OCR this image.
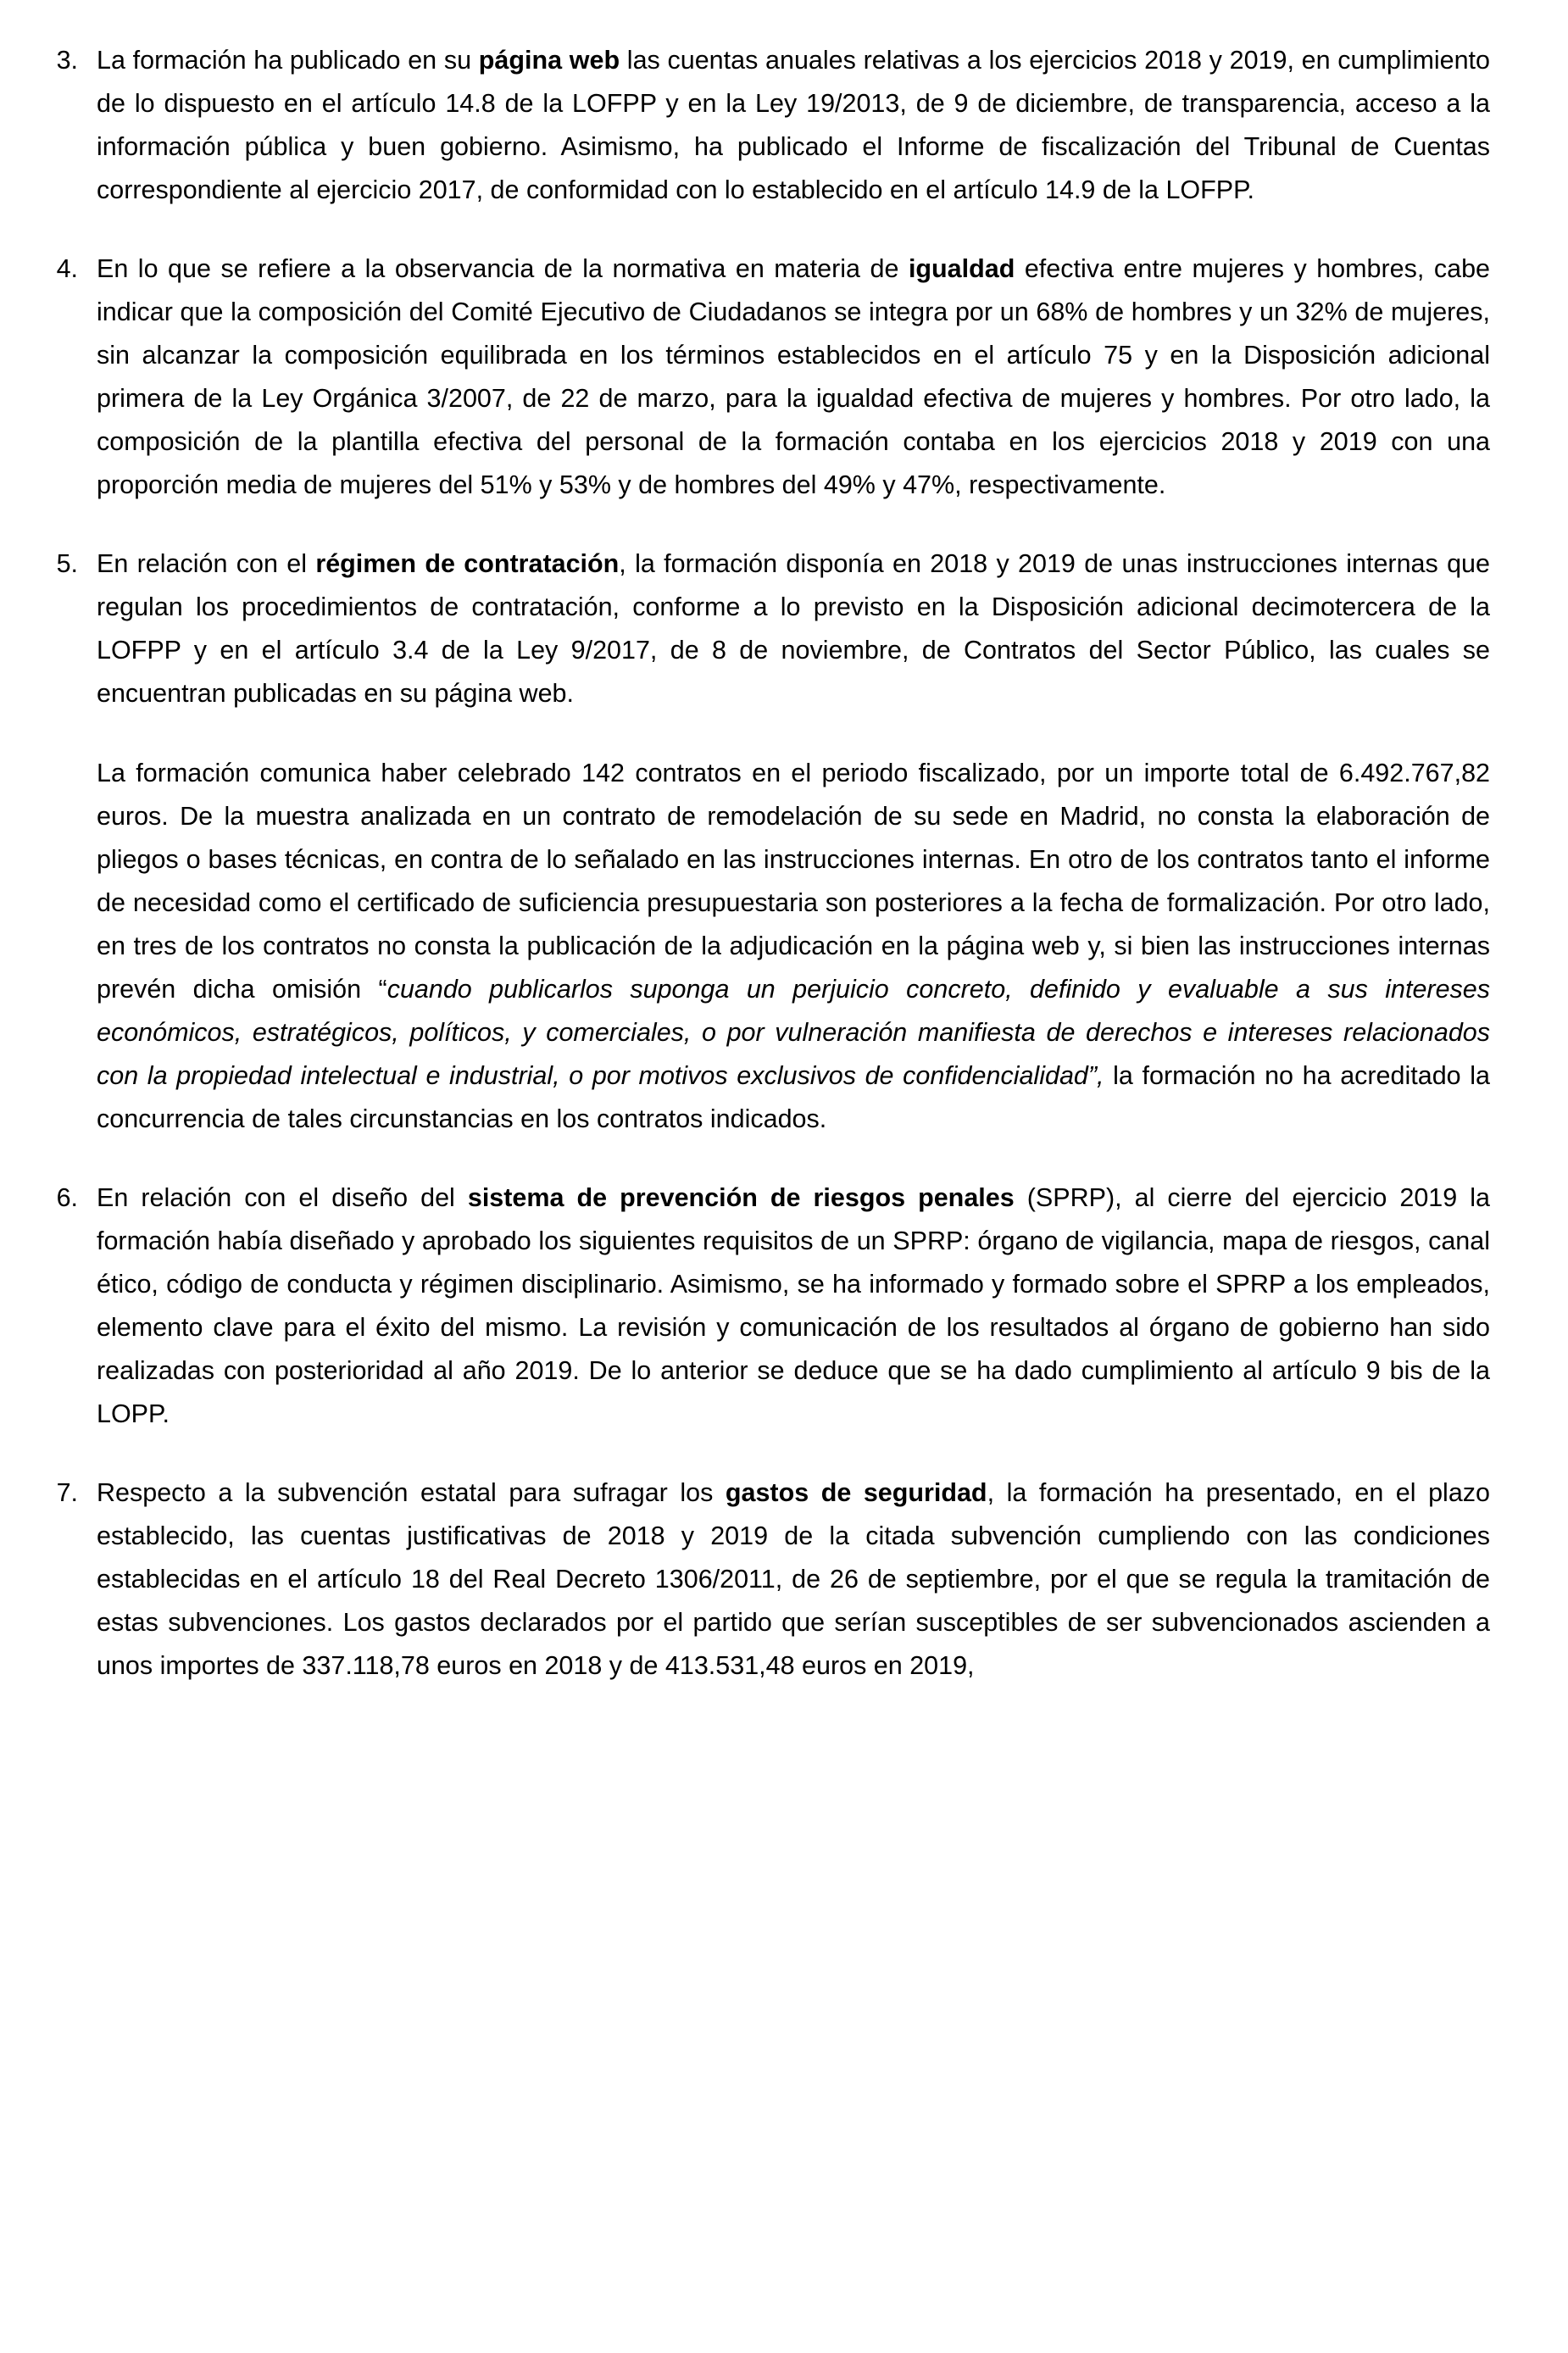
3. La formación ha publicado en su página web las cuentas anuales relativas a los ejercicios 2018 y 2019, en cumplimiento de lo dispuesto en el artículo 14.8 de la LOFPP y en la Ley 19/2013, de 9 de diciembre, de transparencia, acceso a la información pública y buen gobierno. Asimismo, ha publicado el Informe de fiscalización del Tribunal de Cuentas correspondiente al ejercicio 2017, de conformidad con lo establecido en el artículo 14.9 de la LOFPP.

4. En lo que se refiere a la observancia de la normativa en materia de igualdad efectiva entre mujeres y hombres, cabe indicar que la composición del Comité Ejecutivo de Ciudadanos se integra por un 68% de hombres y un 32% de mujeres, sin alcanzar la composición equilibrada en los términos establecidos en el artículo 75 y en la Disposición adicional primera de la Ley Orgánica 3/2007, de 22 de marzo, para la igualdad efectiva de mujeres y hombres. Por otro lado, la composición de la plantilla efectiva del personal de la formación contaba en los ejercicios 2018 y 2019 con una proporción media de mujeres del 51% y 53% y de hombres del 49% y 47%, respectivamente.

5. En relación con el régimen de contratación, la formación disponía en 2018 y 2019 de unas instrucciones internas que regulan los procedimientos de contratación, conforme a lo previsto en la Disposición adicional decimotercera de la LOFPP y en el artículo 3.4 de la Ley 9/2017, de 8 de noviembre, de Contratos del Sector Público, las cuales se encuentran publicadas en su página web.

La formación comunica haber celebrado 142 contratos en el periodo fiscalizado, por un importe total de 6.492.767,82 euros. De la muestra analizada en un contrato de remodelación de su sede en Madrid, no consta la elaboración de pliegos o bases técnicas, en contra de lo señalado en las instrucciones internas. En otro de los contratos tanto el informe de necesidad como el certificado de suficiencia presupuestaria son posteriores a la fecha de formalización. Por otro lado, en tres de los contratos no consta la publicación de la adjudicación en la página web y, si bien las instrucciones internas prevén dicha omisión “cuando publicarlos suponga un perjuicio concreto, definido y evaluable a sus intereses económicos, estratégicos, políticos, y comerciales, o por vulneración manifiesta de derechos e intereses relacionados con la propiedad intelectual e industrial, o por motivos exclusivos de confidencialidad”, la formación no ha acreditado la concurrencia de tales circunstancias en los contratos indicados.

6. En relación con el diseño del sistema de prevención de riesgos penales (SPRP), al cierre del ejercicio 2019 la formación había diseñado y aprobado los siguientes requisitos de un SPRP: órgano de vigilancia, mapa de riesgos, canal ético, código de conducta y régimen disciplinario. Asimismo, se ha informado y formado sobre el SPRP a los empleados, elemento clave para el éxito del mismo. La revisión y comunicación de los resultados al órgano de gobierno han sido realizadas con posterioridad al año 2019. De lo anterior se deduce que se ha dado cumplimiento al artículo 9 bis de la LOPP.

7. Respecto a la subvención estatal para sufragar los gastos de seguridad, la formación ha presentado, en el plazo establecido, las cuentas justificativas de 2018 y 2019 de la citada subvención cumpliendo con las condiciones establecidas en el artículo 18 del Real Decreto 1306/2011, de 26 de septiembre, por el que se regula la tramitación de estas subvenciones. Los gastos declarados por el partido que serían susceptibles de ser subvencionados ascienden a unos importes de 337.118,78 euros en 2018 y de 413.531,48 euros en 2019,
